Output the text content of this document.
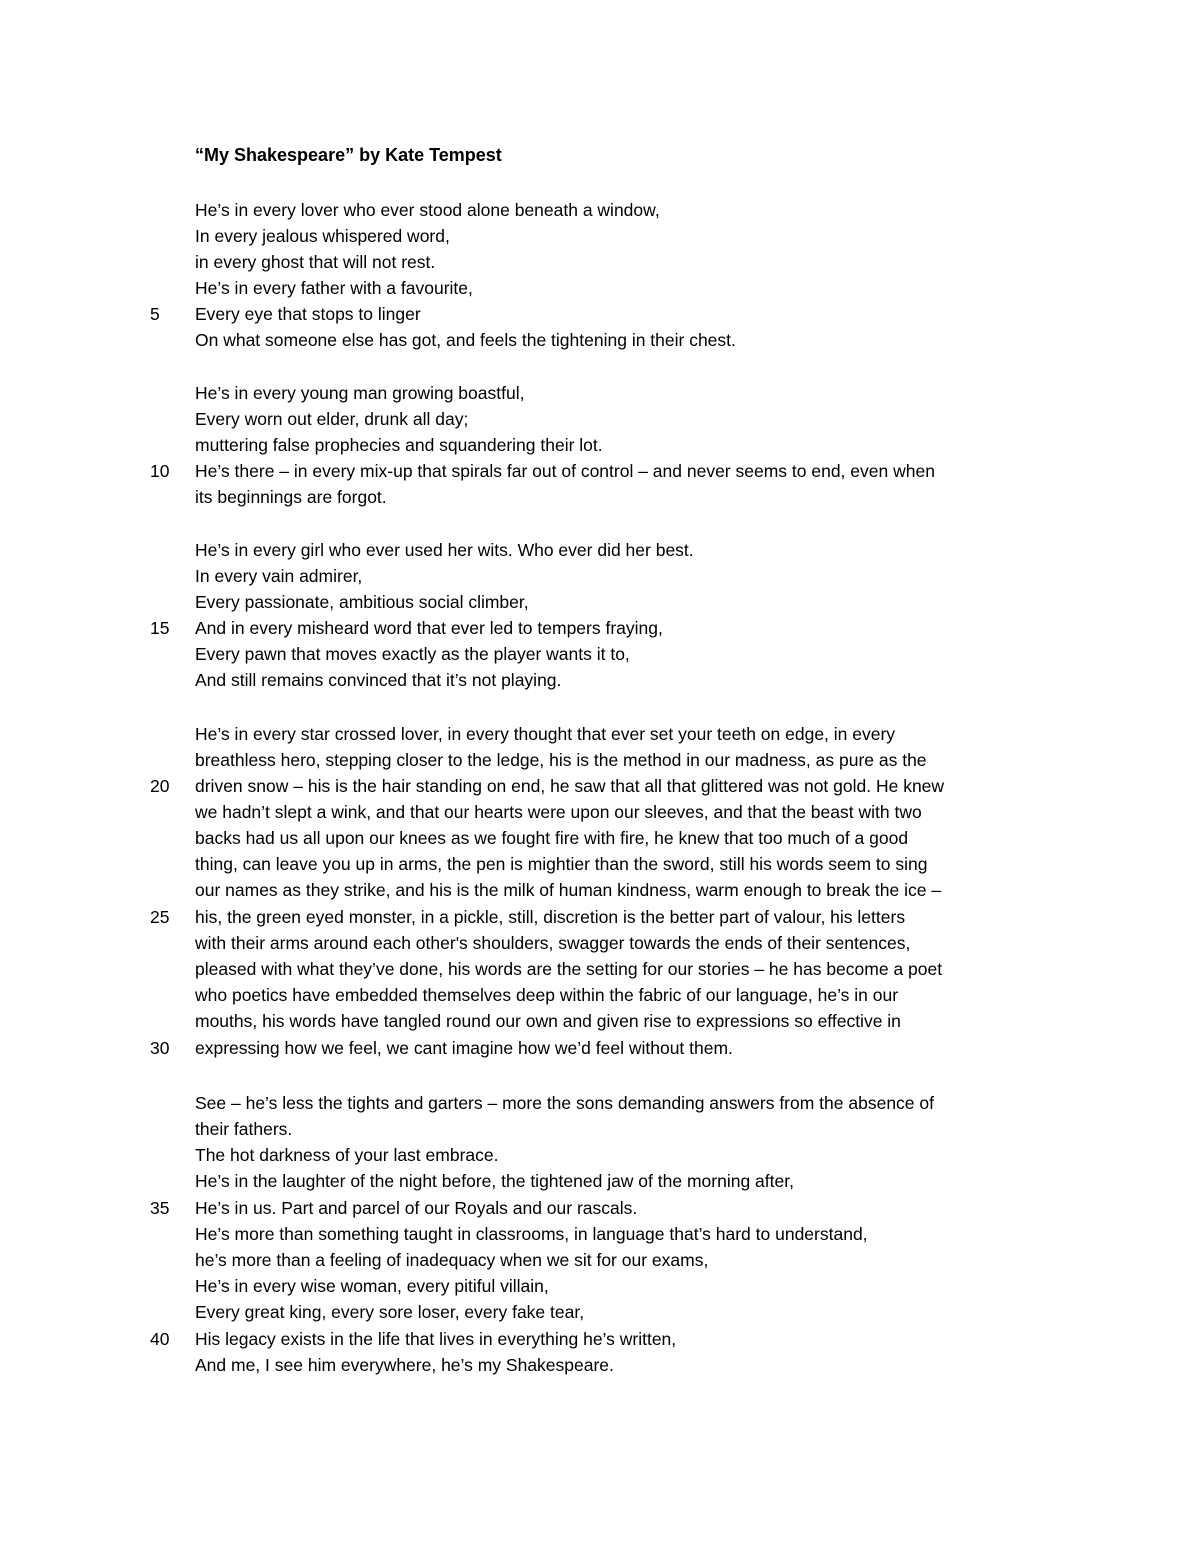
“My Shakespeare” by Kate Tempest
He’s in every lover who ever stood alone beneath a window,
In every jealous whispered word,
in every ghost that will not rest.
He’s in every father with a favourite,
5 Every eye that stops to linger
On what someone else has got, and feels the tightening in their chest.
He’s in every young man growing boastful,
Every worn out elder, drunk all day;
muttering false prophecies and squandering their lot.
10 He’s there – in every mix-up that spirals far out of control – and never seems to end, even when
its beginnings are forgot.
He’s in every girl who ever used her wits. Who ever did her best.
In every vain admirer,
Every passionate, ambitious social climber,
15 And in every misheard word that ever led to tempers fraying,
Every pawn that moves exactly as the player wants it to,
And still remains convinced that it’s not playing.
He’s in every star crossed lover, in every thought that ever set your teeth on edge, in every
breathless hero, stepping closer to the ledge, his is the method in our madness, as pure as the
20 driven snow – his is the hair standing on end, he saw that all that glittered was not gold. He knew
we hadn’t slept a wink, and that our hearts were upon our sleeves, and that the beast with two
backs had us all upon our knees as we fought fire with fire, he knew that too much of a good
thing, can leave you up in arms, the pen is mightier than the sword, still his words seem to sing
our names as they strike, and his is the milk of human kindness, warm enough to break the ice –
25 his, the green eyed monster, in a pickle, still, discretion is the better part of valour, his letters
with their arms around each other's shoulders, swagger towards the ends of their sentences,
pleased with what they’ve done, his words are the setting for our stories – he has become a poet
who poetics have embedded themselves deep within the fabric of our language, he’s in our
mouths, his words have tangled round our own and given rise to expressions so effective in
30 expressing how we feel, we cant imagine how we’d feel without them.
See – he’s less the tights and garters – more the sons demanding answers from the absence of
their fathers.
The hot darkness of your last embrace.
He’s in the laughter of the night before, the tightened jaw of the morning after,
35 He’s in us. Part and parcel of our Royals and our rascals.
He’s more than something taught in classrooms, in language that’s hard to understand,
he’s more than a feeling of inadequacy when we sit for our exams,
He’s in every wise woman, every pitiful villain,
Every great king, every sore loser, every fake tear,
40 His legacy exists in the life that lives in everything he’s written,
And me, I see him everywhere, he’s my Shakespeare.
